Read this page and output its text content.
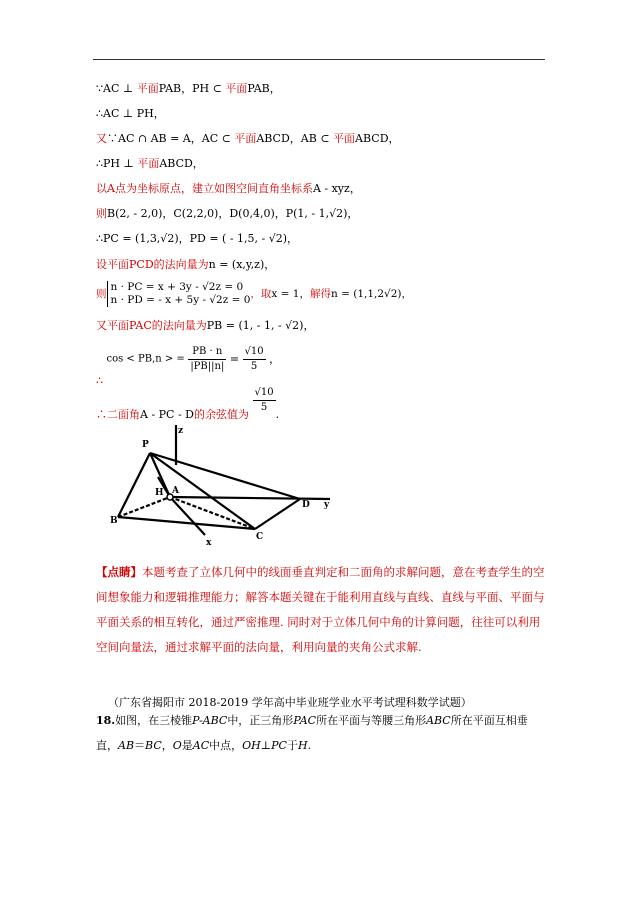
∵AC ⊥ 平面PAB，PH ⊂ 平面PAB，
∴AC ⊥ PH，
又∵AC ∩ AB = A，AC ⊂ 平面ABCD，AB ⊂ 平面ABCD，
∴PH ⊥ 平面ABCD，
以A点为坐标原点，建立如图空间直角坐标系A - xyz，
则B(2, - 2,0)，C(2,2,0)，D(0,4,0)，P(1, - 1,√2)，
∴PC = (1,3,√2)，PD = ( - 1,5, - √2)，
设平面PCD的法向量为n = (x,y,z)，
则
n · PC = x + 3y - √2z = 0
n · PD = - x + 5y - √2z = 0 ，取x = 1，解得n = (1,1,2√2)，
又平面PAC的法向量为PB = (1, - 1, - √2)，
∴ cos < PB,n > = $\frac{PB \cdot n}{|PB||n|} = \frac{√10}{5}$ ，
∴二面角A - PC - D的余弦值为 $\frac{√10}{5}$ .
P
z
B
H A
C
D y
x
【点睛】本题考查了立体几何中的线面垂直判定和二面角的求解问题，意在考查学生的空间想象能力和逻辑推理能力；解答本题关键在于能利用直线与直线、直线与平面、平面与平面关系的相互转化，通过严密推理. 同时对于立体几何中角的计算问题，往往可以利用空间向量法，通过求解平面的法向量，利用向量的夹角公式求解.
（广东省揭阳市 2018-2019 学年高中毕业班学业水平考试理科数学试题）
18.如图，在三棱锥P-ABC中，正三角形PAC所在平面与等腰三角形ABC所在平面互相垂直，AB＝BC，O是AC中点，OH⊥PC于H.
